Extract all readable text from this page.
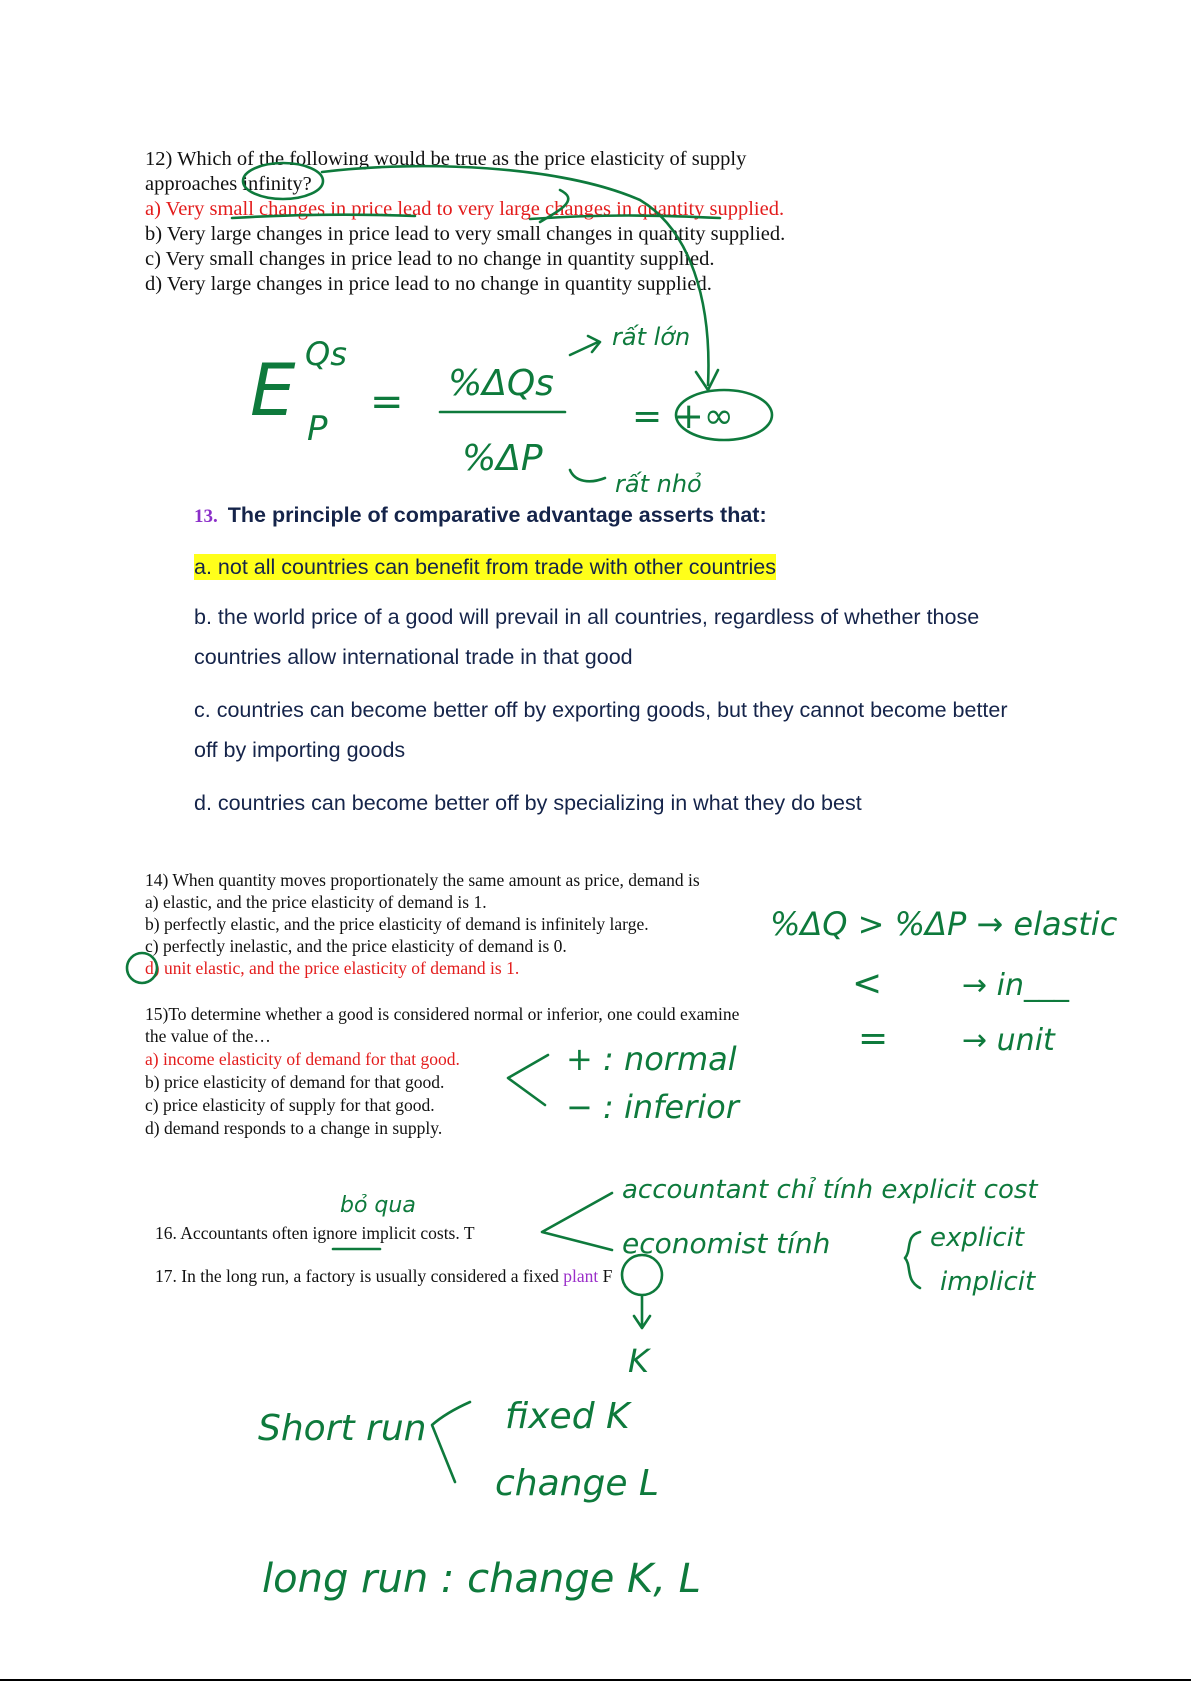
12) Which of the following would be true as the price elasticity of supply

approaches infinity?

a) Very small changes in price lead to very large changes in quantity supplied.

b) Very large changes in price lead to very small changes in quantity supplied.

c) Very small changes in price lead to no change in quantity supplied.

d) Very large changes in price lead to no change in quantity supplied.

13. The principle of comparative advantage asserts that:

a. not all countries can benefit from trade with other countries

b. the world price of a good will prevail in all countries, regardless of whether those

countries allow international trade in that good

c. countries can become better off by exporting goods, but they cannot become better

off by importing goods

d. countries can become better off by specializing in what they do best

14) When quantity moves proportionately the same amount as price, demand is

a) elastic, and the price elasticity of demand is 1.

b) perfectly elastic, and the price elasticity of demand is infinitely large.

c) perfectly inelastic, and the price elasticity of demand is 0.

d) unit elastic, and the price elasticity of demand is 1.

15)To determine whether a good is considered normal or inferior, one could examine

the value of the…

a) income elasticity of demand for that good.

b) price elasticity of demand for that good.

c) price elasticity of supply for that good.

d) demand responds to a change in supply.

16. Accountants often ignore implicit costs. T

17. In the long run, a factory is usually considered a fixed plant F

E Qs
P
= %ΔQs
%ΔP
rất lớn
rất nhỏ
= +∞
%ΔQ > %ΔP → elastic
<	→ in___
= → unit
+ : normal
− : inferior
bỏ qua
accountant chỉ tính explicit cost
economist tính	explicit
implicit
K
Short run fixed K
change L
long run : change K, L
